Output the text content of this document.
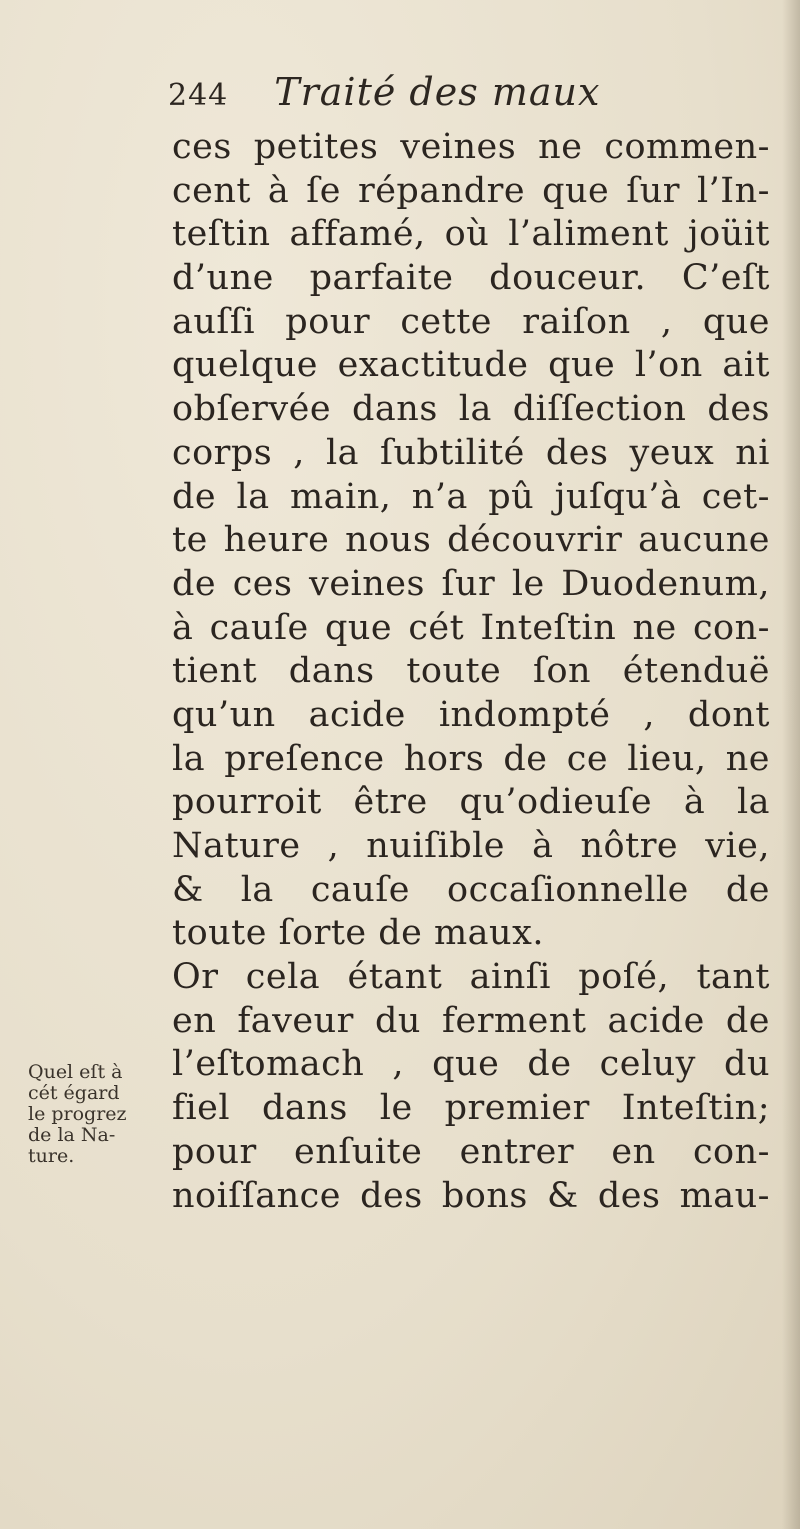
244 Traité des maux
ces petites veines ne commen-
cent à ſe répandre que ſur l’In-
teſtin affamé, où l’aliment joüit
d’une parfaite douceur. C’eſt
auſſi pour cette raiſon , que
quelque exactitude que l’on ait
obſervée dans la diſſection des
corps , la ſubtilité des yeux ni
de la main, n’a pû juſqu’à cet-
te heure nous découvrir aucune
de ces veines ſur le Duodenum,
à cauſe que cét Inteſtin ne con-
tient dans toute ſon étenduë
qu’un acide indompté , dont
la preſence hors de ce lieu, ne
pourroit être qu’odieuſe à la
Nature , nuiſible à nôtre vie,
& la cauſe occaſionnelle de
toute ſorte de maux.
Or cela étant ainſi poſé, tant
en faveur du ferment acide de
l’eſtomach , que de celuy du
fiel dans le premier Inteſtin;
pour enſuite entrer en con-
noiſſance des bons & des mau-
Quel eſt à
cét égard
le progrez
de la Na-
ture.
